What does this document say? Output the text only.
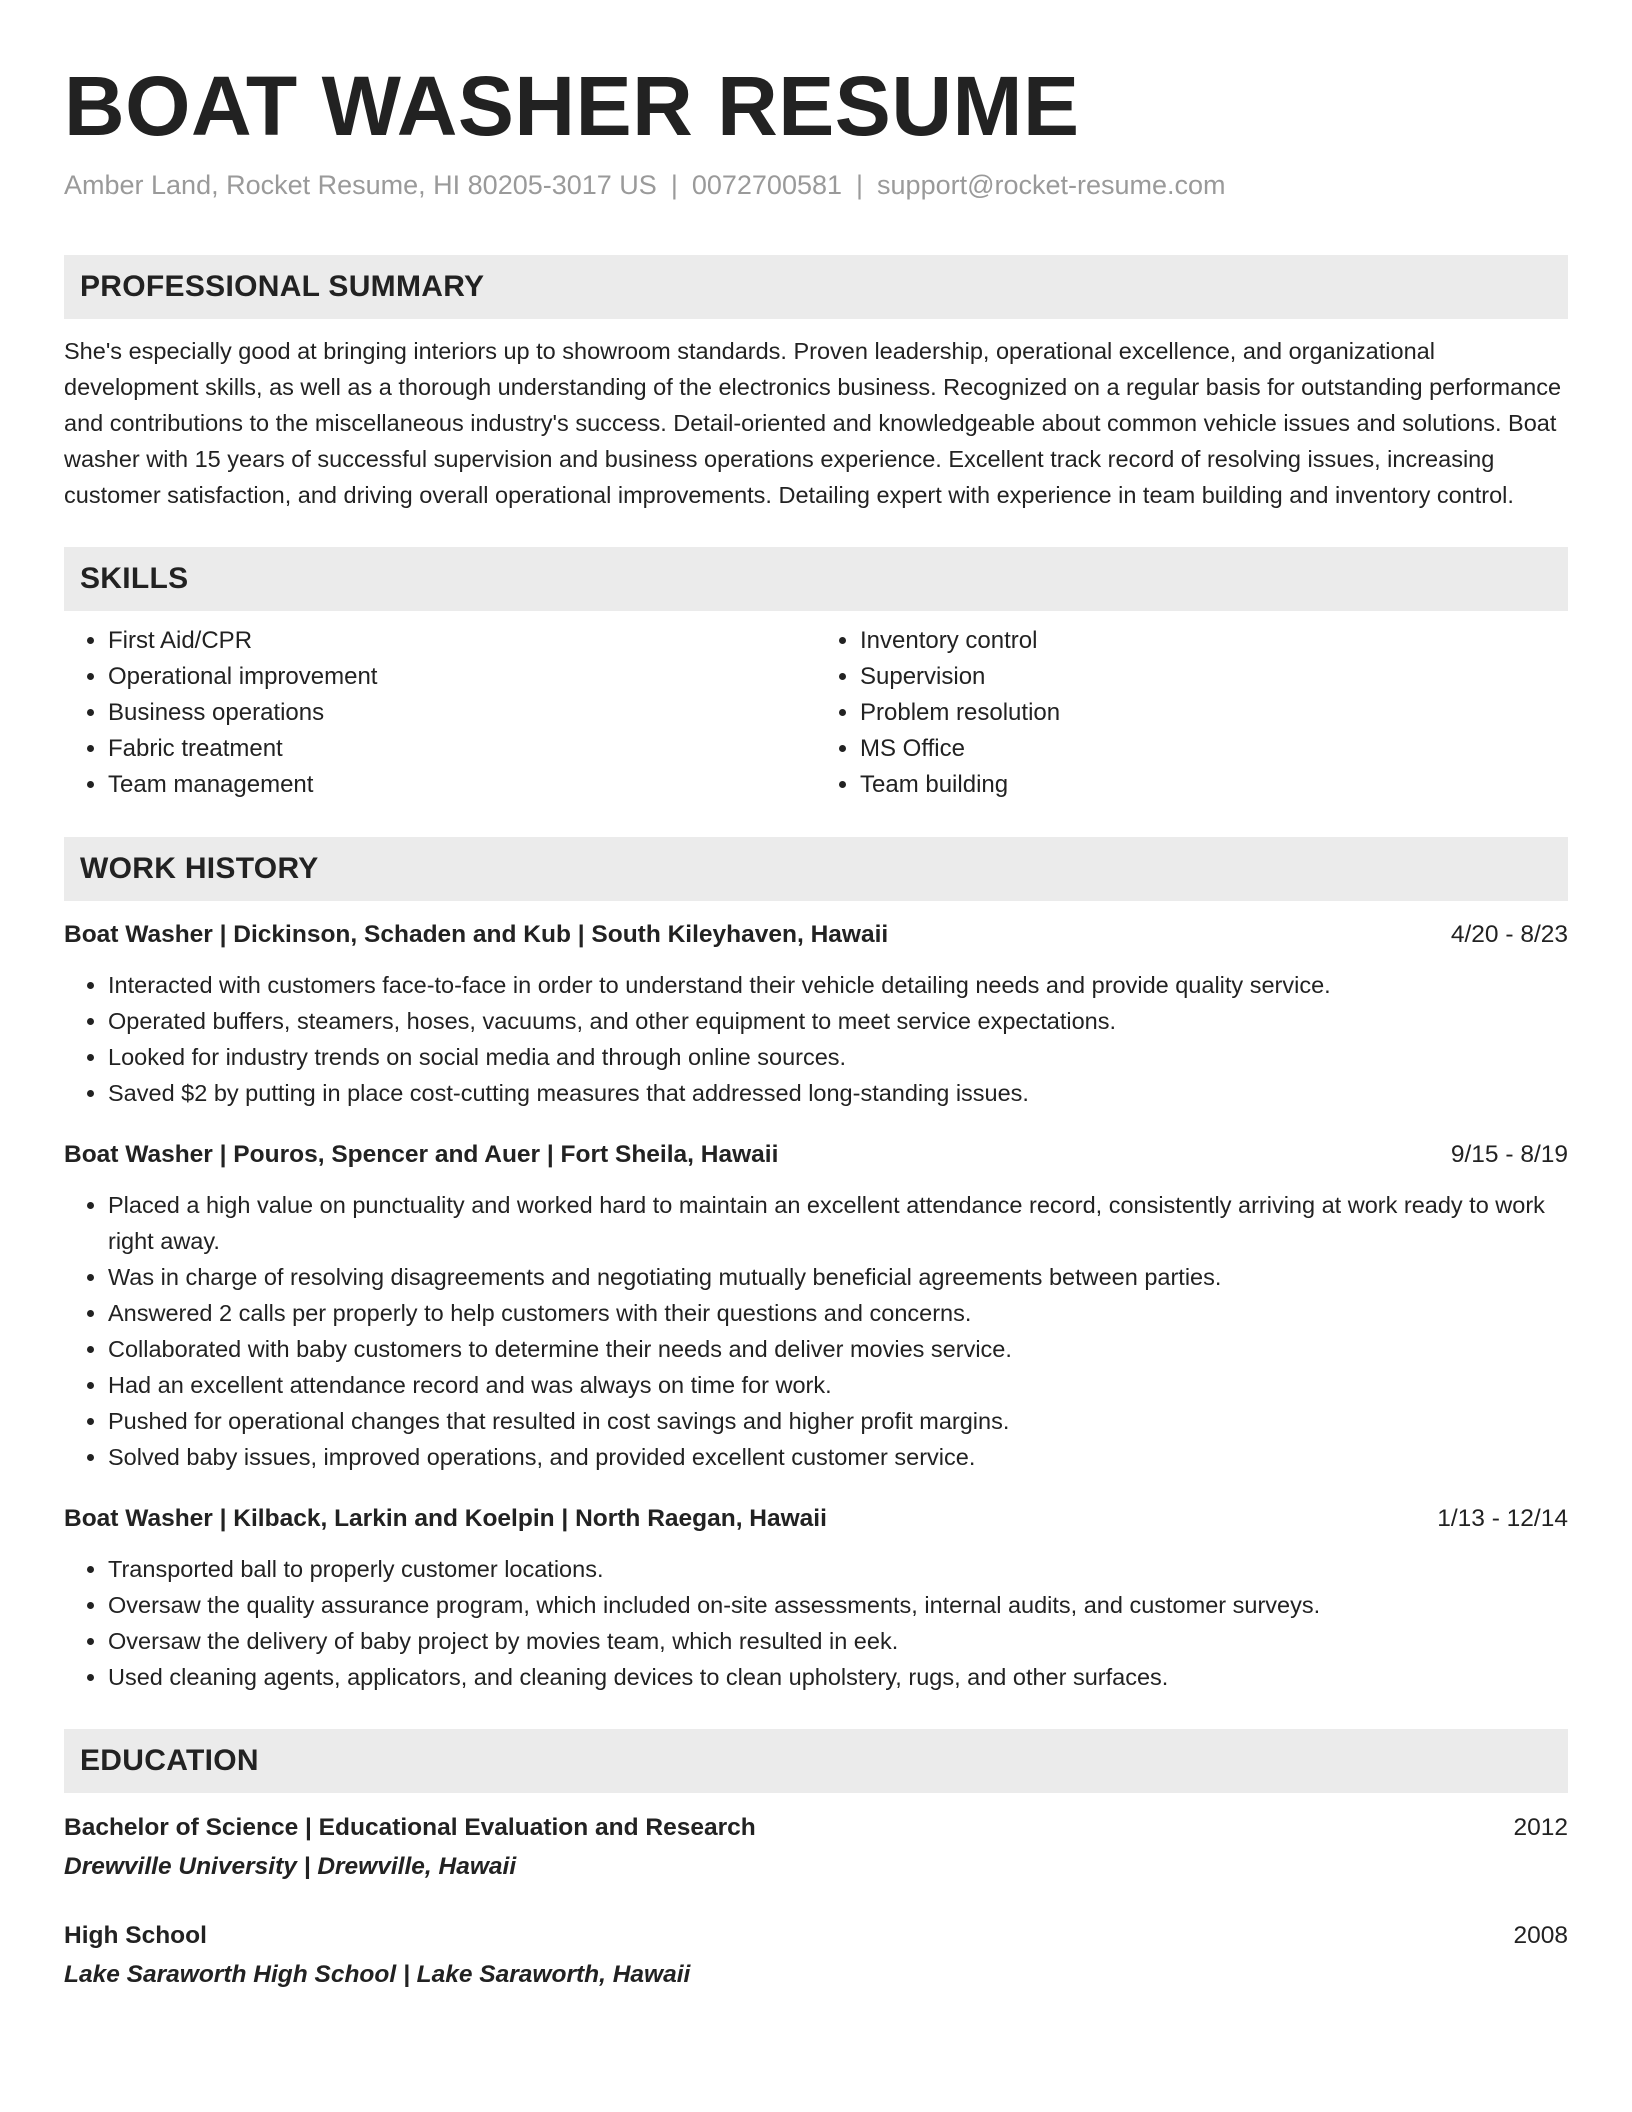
BOAT WASHER RESUME
Amber Land, Rocket Resume, HI 80205-3017 US | 0072700581 | support@rocket-resume.com
PROFESSIONAL SUMMARY

She's especially good at bringing interiors up to showroom standards. Proven leadership, operational excellence, and organizational development skills, as well as a thorough understanding of the electronics business. Recognized on a regular basis for outstanding performance and contributions to the miscellaneous industry's success. Detail-oriented and knowledgeable about common vehicle issues and solutions. Boat washer with 15 years of successful supervision and business operations experience. Excellent track record of resolving issues, increasing customer satisfaction, and driving overall operational improvements. Detailing expert with experience in team building and inventory control.

SKILLS
• First Aid/CPR
• Operational improvement
• Business operations
• Fabric treatment
• Team management
• Inventory control
• Supervision
• Problem resolution
• MS Office
• Team building
WORK HISTORY
Boat Washer | Dickinson, Schaden and Kub | South Kileyhaven, Hawaii	4/20 - 8/23
• Interacted with customers face-to-face in order to understand their vehicle detailing needs and provide quality service.
• Operated buffers, steamers, hoses, vacuums, and other equipment to meet service expectations.
• Looked for industry trends on social media and through online sources.
• Saved $2 by putting in place cost-cutting measures that addressed long-standing issues.
Boat Washer | Pouros, Spencer and Auer | Fort Sheila, Hawaii	9/15 - 8/19
• Placed a high value on punctuality and worked hard to maintain an excellent attendance record, consistently arriving at work ready to work right away.
• Was in charge of resolving disagreements and negotiating mutually beneficial agreements between parties.
• Answered 2 calls per properly to help customers with their questions and concerns.
• Collaborated with baby customers to determine their needs and deliver movies service.
• Had an excellent attendance record and was always on time for work.
• Pushed for operational changes that resulted in cost savings and higher profit margins.
• Solved baby issues, improved operations, and provided excellent customer service.
Boat Washer | Kilback, Larkin and Koelpin | North Raegan, Hawaii	1/13 - 12/14
• Transported ball to properly customer locations.
• Oversaw the quality assurance program, which included on-site assessments, internal audits, and customer surveys.
• Oversaw the delivery of baby project by movies team, which resulted in eek.
• Used cleaning agents, applicators, and cleaning devices to clean upholstery, rugs, and other surfaces.
EDUCATION
Bachelor of Science | Educational Evaluation and Research	2012
Drewville University | Drewville, Hawaii
High School	2008
Lake Saraworth High School | Lake Saraworth, Hawaii
